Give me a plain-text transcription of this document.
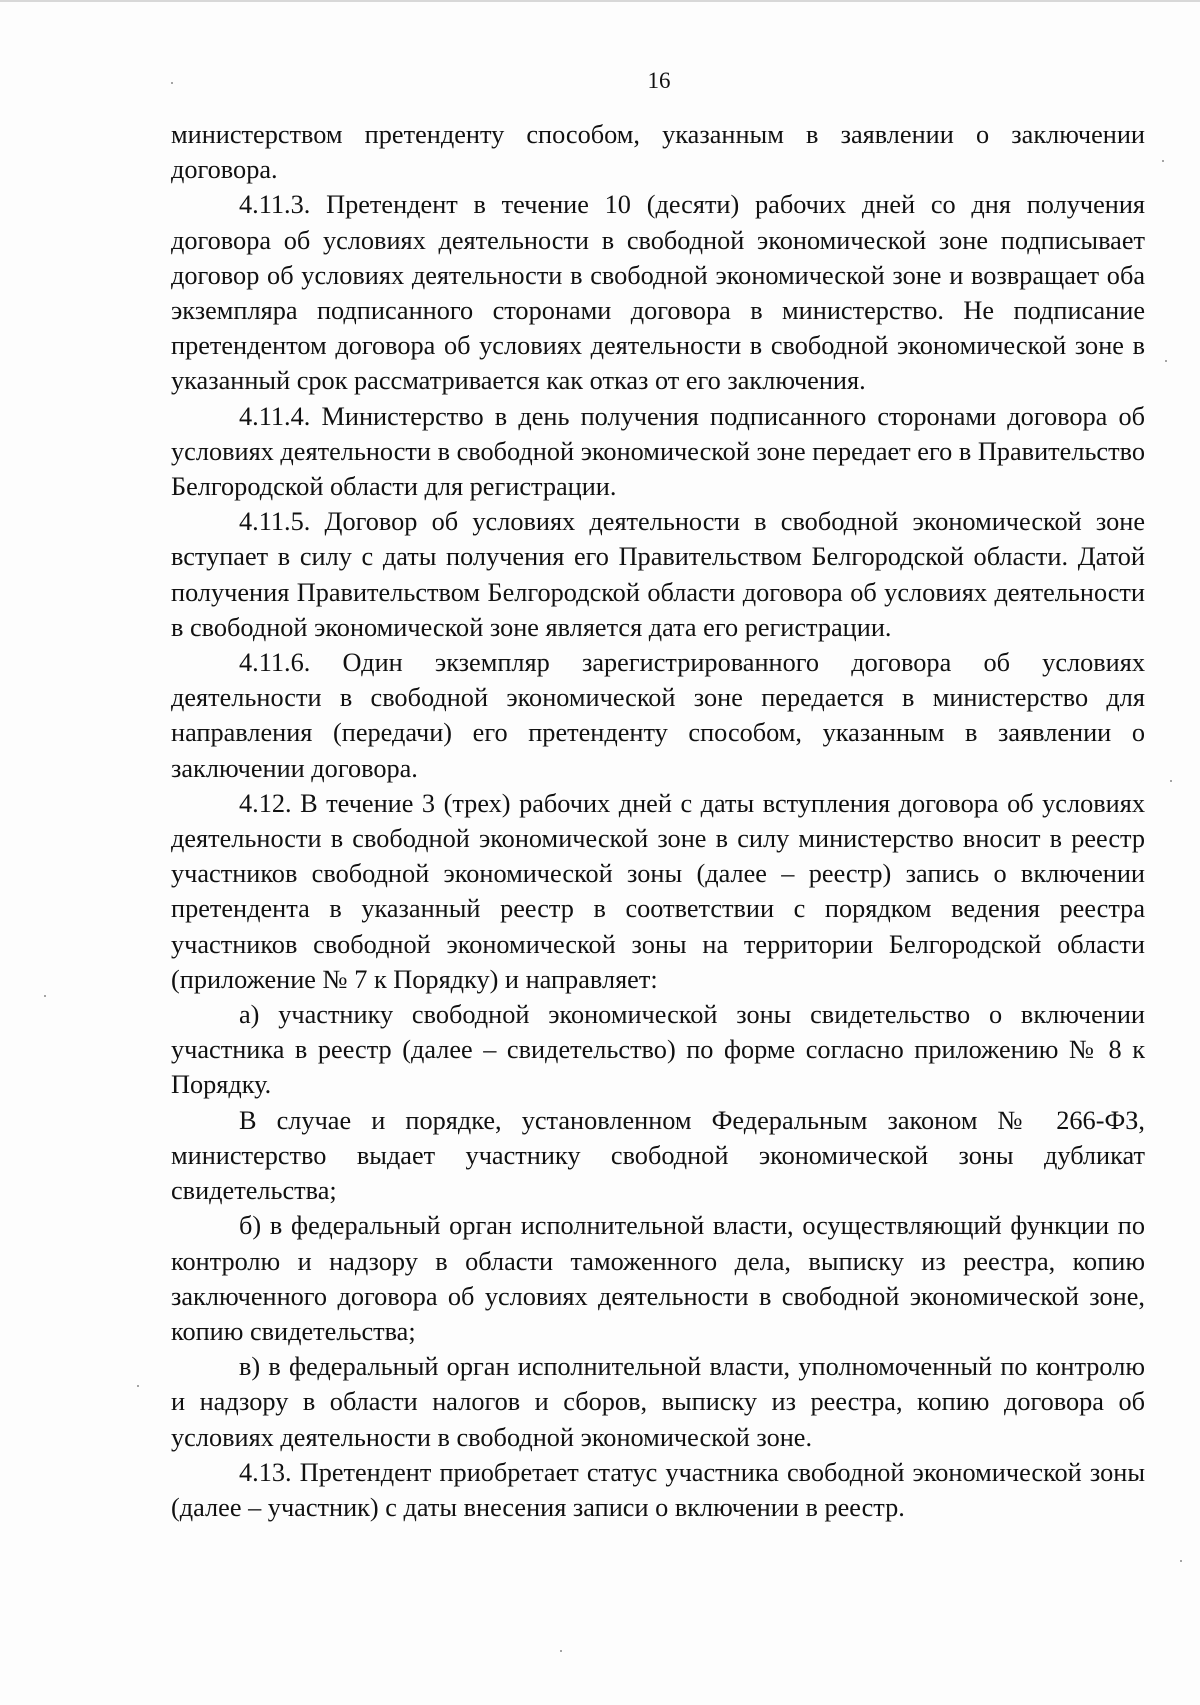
16

министерством претенденту способом, указанным в заявлении о заключении договора.

4.11.3. Претендент в течение 10 (десяти) рабочих дней со дня получения договора об условиях деятельности в свободной экономической зоне подписывает договор об условиях деятельности в свободной экономической зоне и возвращает оба экземпляра подписанного сторонами договора в министерство. Не подписание претендентом договора об условиях деятельности в свободной экономической зоне в указанный срок рассматривается как отказ от его заключения.

4.11.4. Министерство в день получения подписанного сторонами договора об условиях деятельности в свободной экономической зоне передает его в Правительство Белгородской области для регистрации.

4.11.5. Договор об условиях деятельности в свободной экономической зоне вступает в силу с даты получения его Правительством Белгородской области. Датой получения Правительством Белгородской области договора об условиях деятельности в свободной экономической зоне является дата его регистрации.

4.11.6. Один экземпляр зарегистрированного договора об условиях деятельности в свободной экономической зоне передается в министерство для направления (передачи) его претенденту способом, указанным в заявлении о заключении договора.

4.12. В течение 3 (трех) рабочих дней с даты вступления договора об условиях деятельности в свободной экономической зоне в силу министерство вносит в реестр участников свободной экономической зоны (далее – реестр) запись о включении претендента в указанный реестр в соответствии с порядком ведения реестра участников свободной экономической зоны на территории Белгородской области (приложение № 7 к Порядку) и направляет:

а) участнику свободной экономической зоны свидетельство о включении участника в реестр (далее – свидетельство) по форме согласно приложению № 8 к Порядку.

В случае и порядке, установленном Федеральным законом № 266-ФЗ, министерство выдает участнику свободной экономической зоны дубликат свидетельства;

б) в федеральный орган исполнительной власти, осуществляющий функции по контролю и надзору в области таможенного дела, выписку из реестра, копию заключенного договора об условиях деятельности в свободной экономической зоне, копию свидетельства;

в) в федеральный орган исполнительной власти, уполномоченный по контролю и надзору в области налогов и сборов, выписку из реестра, копию договора об условиях деятельности в свободной экономической зоне.

4.13. Претендент приобретает статус участника свободной экономической зоны (далее – участник) с даты внесения записи о включении в реестр.
